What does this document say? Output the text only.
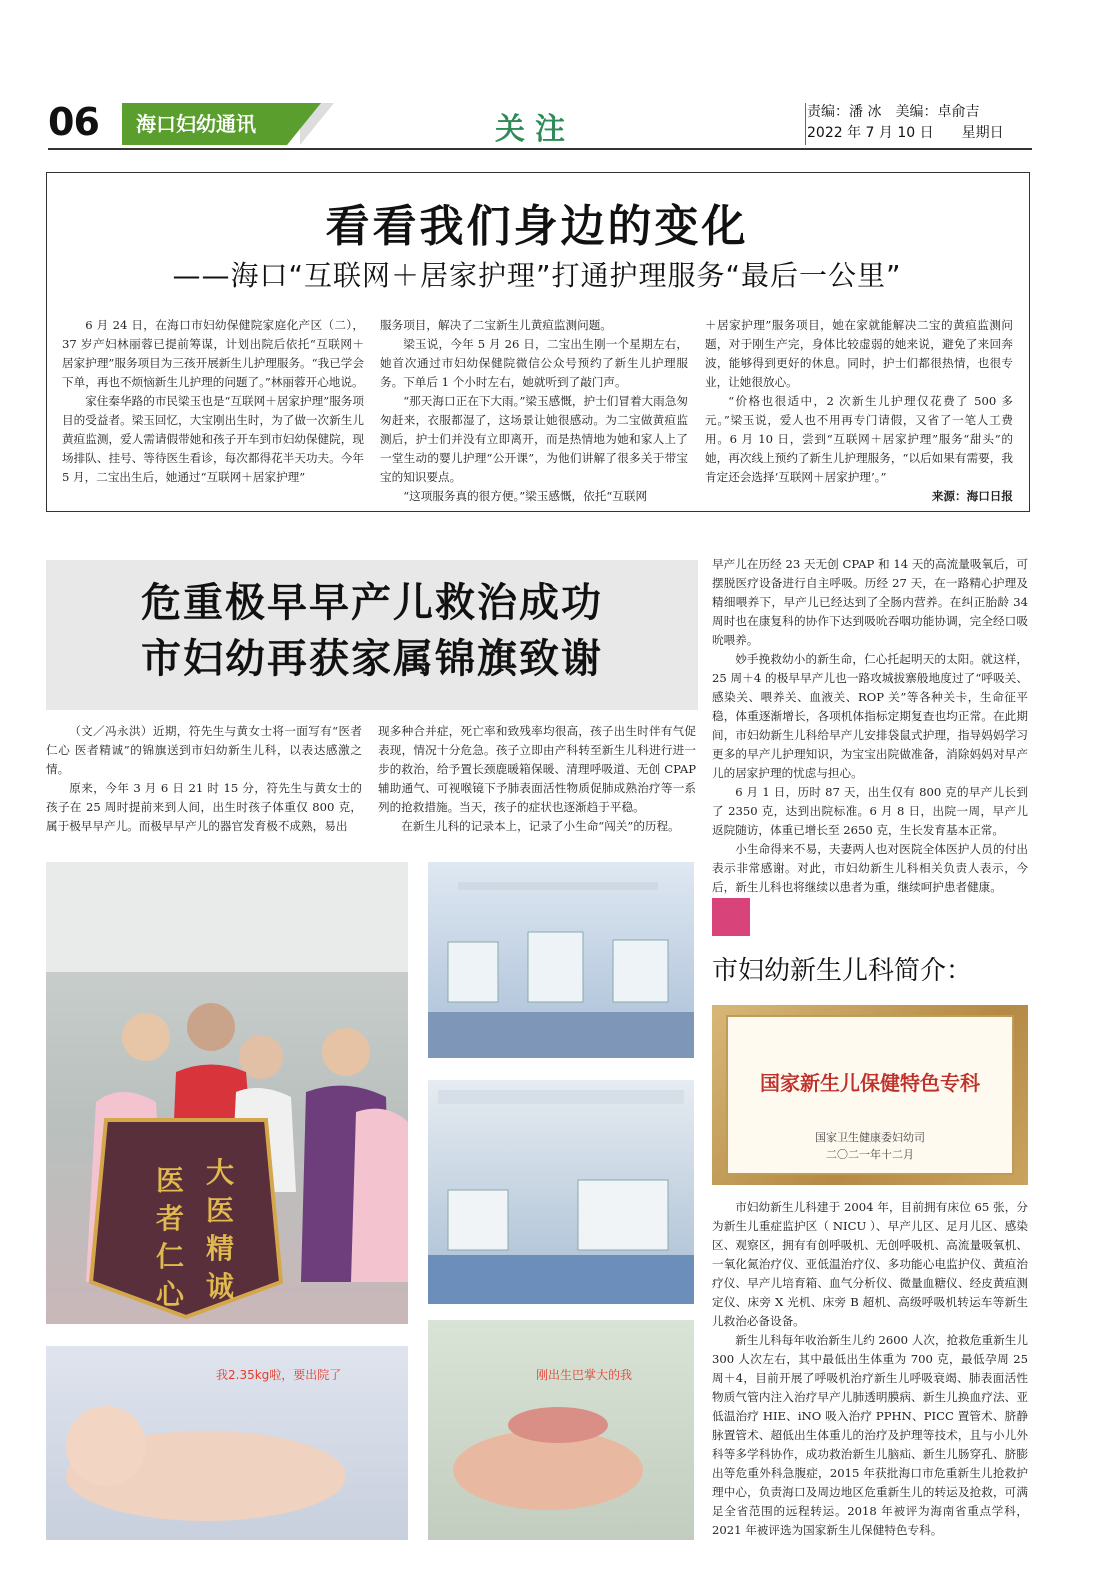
06	海口妇幼通讯	关注	责编：潘 冰　美编：卓俞吉
2022 年 7 月 10 日　　星期日
看看我们身边的变化
——海口“互联网＋居家护理”打通护理服务“最后一公里”

6 月 24 日，在海口市妇幼保健院家庭化产区（二），37 岁产妇林丽蓉已提前筹谋，计划出院后依托“互联网＋居家护理”服务项目为三孩开展新生儿护理服务。“我已学会下单，再也不烦恼新生儿护理的问题了。”林丽蓉开心地说。

家住秦华路的市民梁玉也是“互联网＋居家护理”服务项目的受益者。梁玉回忆，大宝刚出生时，为了做一次新生儿黄疸监测，爱人需请假带她和孩子开车到市妇幼保健院，现场排队、挂号、等待医生看诊，每次都得花半天功夫。今年 5 月，二宝出生后，她通过“互联网＋居家护理”

服务项目，解决了二宝新生儿黄疸监测问题。

梁玉说，今年 5 月 26 日，二宝出生刚一个星期左右，她首次通过市妇幼保健院微信公众号预约了新生儿护理服务。下单后 1 个小时左右，她就听到了敲门声。

“那天海口正在下大雨。”梁玉感慨，护士们冒着大雨急匆匆赶来，衣服都湿了，这场景让她很感动。为二宝做黄疸监测后，护士们并没有立即离开，而是热情地为她和家人上了一堂生动的婴儿护理“公开课”，为他们讲解了很多关于带宝宝的知识要点。

“这项服务真的很方便。”梁玉感慨，依托“互联网

＋居家护理”服务项目，她在家就能解决二宝的黄疸监测问题，对于刚生产完，身体比较虚弱的她来说，避免了来回奔波，能够得到更好的休息。同时，护士们都很热情，也很专业，让她很放心。

“价格也很适中，2 次新生儿护理仅花费了 500 多元。”梁玉说，爱人也不用再专门请假，又省了一笔人工费用。6 月 10 日，尝到“互联网＋居家护理”服务“甜头”的她，再次线上预约了新生儿护理服务，“以后如果有需要，我肯定还会选择‘互联网＋居家护理’。”

来源：海口日报
危重极早早产儿救治成功
市妇幼再获家属锦旗致谢

（文／冯永洪）近期，符先生与黄女士将一面写有“医者仁心 医者精诚”的锦旗送到市妇幼新生儿科，以表达感激之情。

原来，今年 3 月 6 日 21 时 15 分，符先生与黄女士的孩子在 25 周时提前来到人间，出生时孩子体重仅 800 克，属于极早早产儿。而极早早产儿的器官发育极不成熟，易出

现多种合并症，死亡率和致残率均很高，孩子出生时伴有气促表现，情况十分危急。孩子立即由产科转至新生儿科进行进一步的救治，给予置长颈鹿暖箱保暖、清理呼吸道、无创 CPAP 辅助通气、可视喉镜下予肺表面活性物质促肺成熟治疗等一系列的抢救措施。当天，孩子的症状也逐渐趋于平稳。

在新生儿科的记录本上，记录了小生命“闯关”的历程。

早产儿在历经 23 天无创 CPAP 和 14 天的高流量吸氧后，可摆脱医疗设备进行自主呼吸。历经 27 天，在一路精心护理及精细喂养下，早产儿已经达到了全肠内营养。在纠正胎龄 34 周时也在康复科的协作下达到吸吮吞咽功能协调，完全经口吸吮喂养。

妙手挽救幼小的新生命，仁心托起明天的太阳。就这样，25 周＋4 的极早早产儿也一路攻城拔寨般地度过了“呼吸关、感染关、喂养关、血液关、ROP 关”等各种关卡，生命征平稳，体重逐渐增长，各项机体指标定期复查也均正常。在此期间，市妇幼新生儿科给早产儿安排袋鼠式护理，指导妈妈学习更多的早产儿护理知识，为宝宝出院做准备，消除妈妈对早产儿的居家护理的忧虑与担心。

6 月 1 日，历时 87 天，出生仅有 800 克的早产儿长到了 2350 克，达到出院标准。6 月 8 日，出院一周，早产儿返院随访，体重已增长至 2650 克，生长发育基本正常。

小生命得来不易，夫妻两人也对医院全体医护人员的付出表示非常感谢。对此，市妇幼新生儿科相关负责人表示，今后，新生儿科也将继续以患者为重，继续呵护患者健康。

医者仁心
大医精诚
我2.35kg啦，要出院了	刚出生巴掌大的我
市妇幼新生儿科简介：
国家新生儿保健特色专科
国家卫生健康委妇幼司
二〇二一年十二月

市妇幼新生儿科建于 2004 年，目前拥有床位 65 张，分为新生儿重症监护区（ NICU ）、早产儿区、足月儿区、感染区、观察区，拥有有创呼吸机、无创呼吸机、高流量吸氧机、一氧化氮治疗仪、亚低温治疗仪、多功能心电监护仪、黄疸治疗仪、早产儿培育箱、血气分析仪、微量血糖仪、经皮黄疸测定仪、床旁 X 光机、床旁 B 超机、高级呼吸机转运车等新生儿救治必备设备。

新生儿科每年收治新生儿约 2600 人次，抢救危重新生儿 300 人次左右，其中最低出生体重为 700 克，最低孕周 25 周＋4，目前开展了呼吸机治疗新生儿呼吸衰竭、肺表面活性物质气管内注入治疗早产儿肺透明膜病、新生儿换血疗法、亚低温治疗 HIE、iNO 吸入治疗 PPHN、PICC 置管术、脐静脉置管术、超低出生体重儿的治疗及护理等技术，且与小儿外科等多学科协作，成功救治新生儿脑疝、新生儿肠穿孔、脐膨出等危重外科急腹症，2015 年获批海口市危重新生儿抢救护理中心，负责海口及周边地区危重新生儿的转运及抢救，可满足全省范围的远程转运。2018 年被评为海南省重点学科，2021 年被评选为国家新生儿保健特色专科。
